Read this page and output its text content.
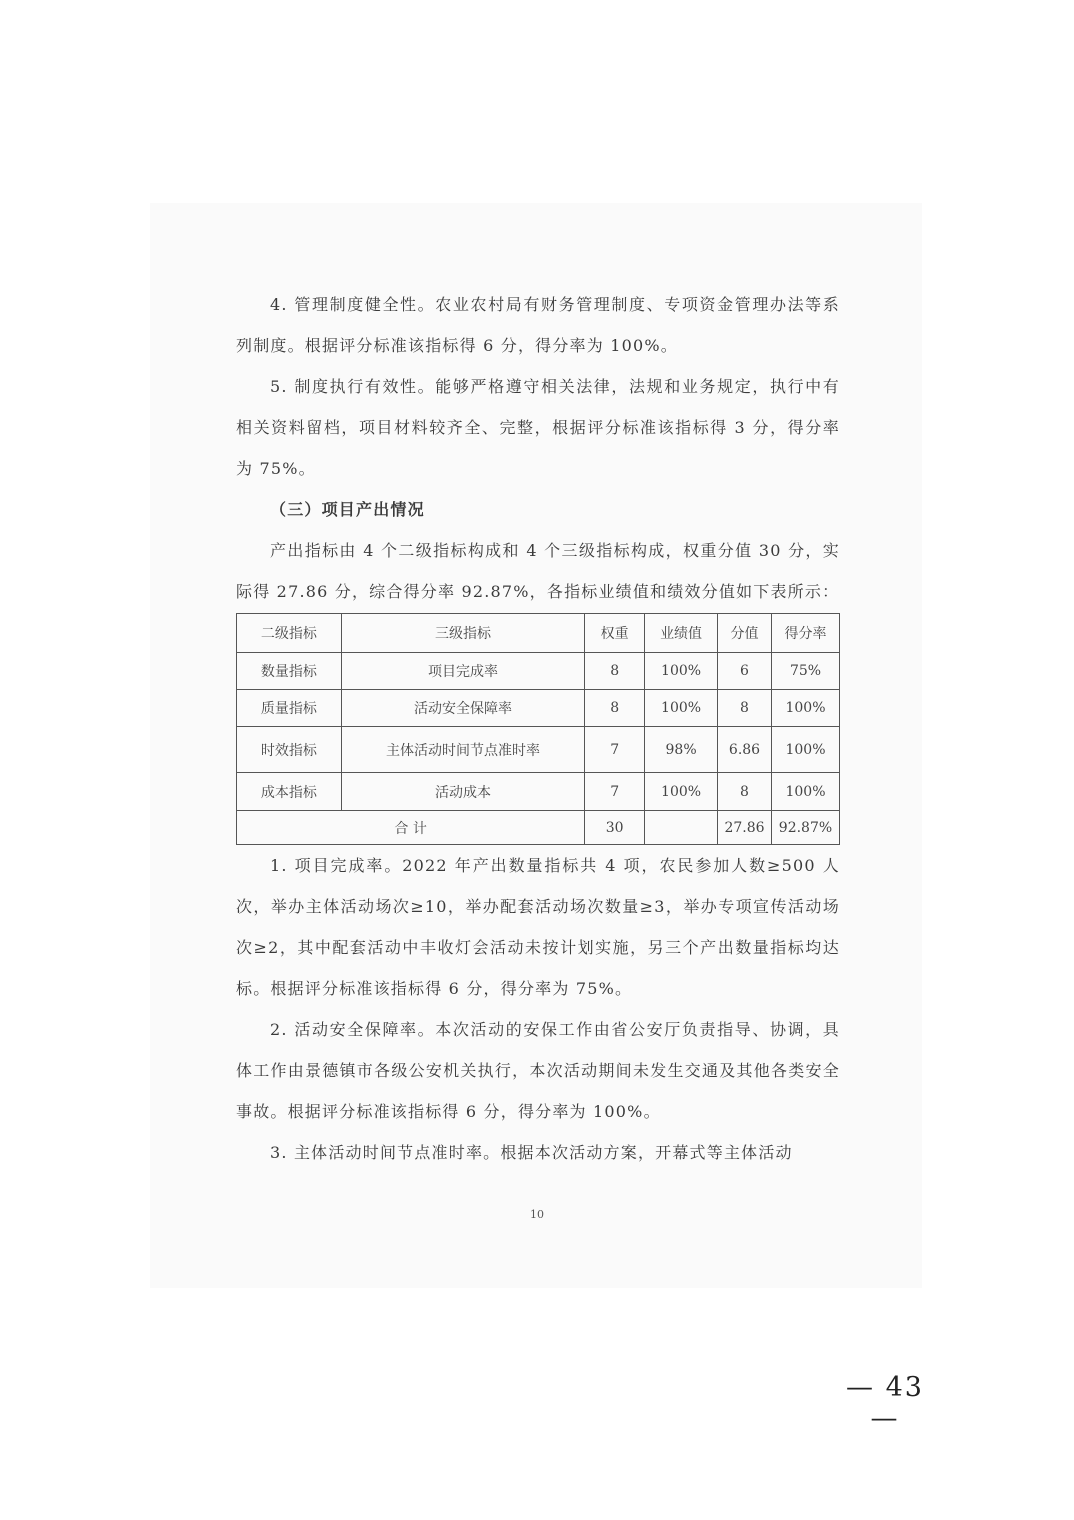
4. 管理制度健全性。农业农村局有财务管理制度、专项资金管理办法等系列制度。根据评分标准该指标得 6 分，得分率为 100%。

5. 制度执行有效性。能够严格遵守相关法律，法规和业务规定，执行中有相关资料留档，项目材料较齐全、完整，根据评分标准该指标得 3 分，得分率为 75%。

（三）项目产出情况

产出指标由 4 个二级指标构成和 4 个三级指标构成，权重分值 30 分，实际得 27.86 分，综合得分率 92.87%，各指标业绩值和绩效分值如下表所示：

二级指标	三级指标	权重	业绩值	分值	得分率
数量指标	项目完成率	8	100%	6	75%
质量指标	活动安全保障率	8	100%	8	100%
时效指标	主体活动时间节点准时率	7	98%	6.86	100%
成本指标	活动成本	7	100%	8	100%
合 计		30		27.86	92.87%

1. 项目完成率。2022 年产出数量指标共 4 项，农民参加人数≥500 人次，举办主体活动场次≥10，举办配套活动场次数量≥3，举办专项宣传活动场次≥2，其中配套活动中丰收灯会活动未按计划实施，另三个产出数量指标均达标。根据评分标准该指标得 6 分，得分率为 75%。

2. 活动安全保障率。本次活动的安保工作由省公安厅负责指导、协调，具体工作由景德镇市各级公安机关执行，本次活动期间未发生交通及其他各类安全事故。根据评分标准该指标得 6 分，得分率为 100%。

3. 主体活动时间节点准时率。根据本次活动方案，开幕式等主体活动

10
— 43 —
